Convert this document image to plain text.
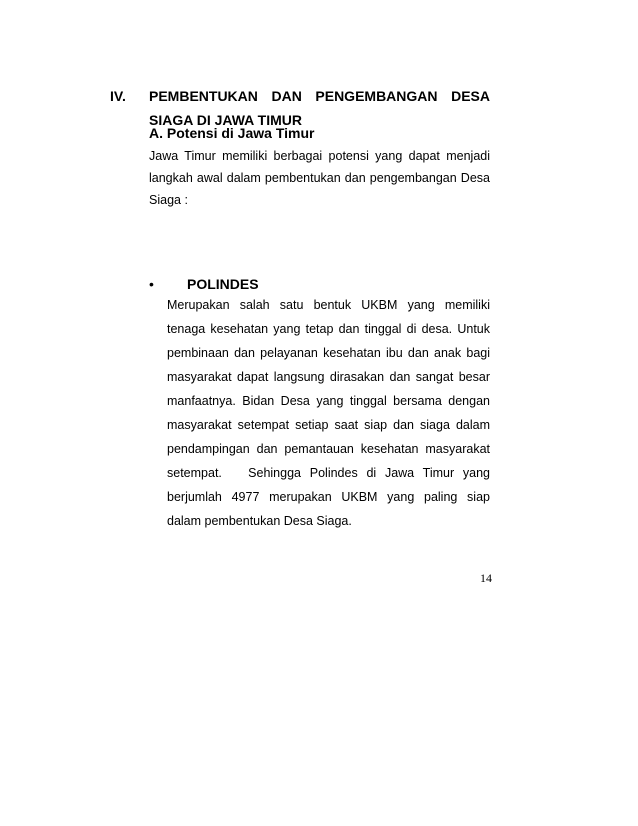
IV. PEMBENTUKAN DAN PENGEMBANGAN DESA
SIAGA DI JAWA TIMUR
A. Potensi di Jawa Timur
Jawa Timur memiliki berbagai potensi yang dapat menjadi
langkah awal dalam pembentukan dan pengembangan Desa
Siaga :
• POLINDES
Merupakan salah satu bentuk UKBM yang memiliki
tenaga kesehatan yang tetap dan tinggal di desa. Untuk
pembinaan dan pelayanan kesehatan ibu dan anak bagi
masyarakat dapat langsung dirasakan dan sangat besar
manfaatnya. Bidan Desa yang tinggal bersama dengan
masyarakat setempat setiap saat siap dan siaga dalam
pendampingan dan pemantauan kesehatan masyarakat
setempat.   Sehingga Polindes di Jawa Timur yang
berjumlah 4977 merupakan UKBM yang paling siap
dalam pembentukan Desa Siaga.
14
